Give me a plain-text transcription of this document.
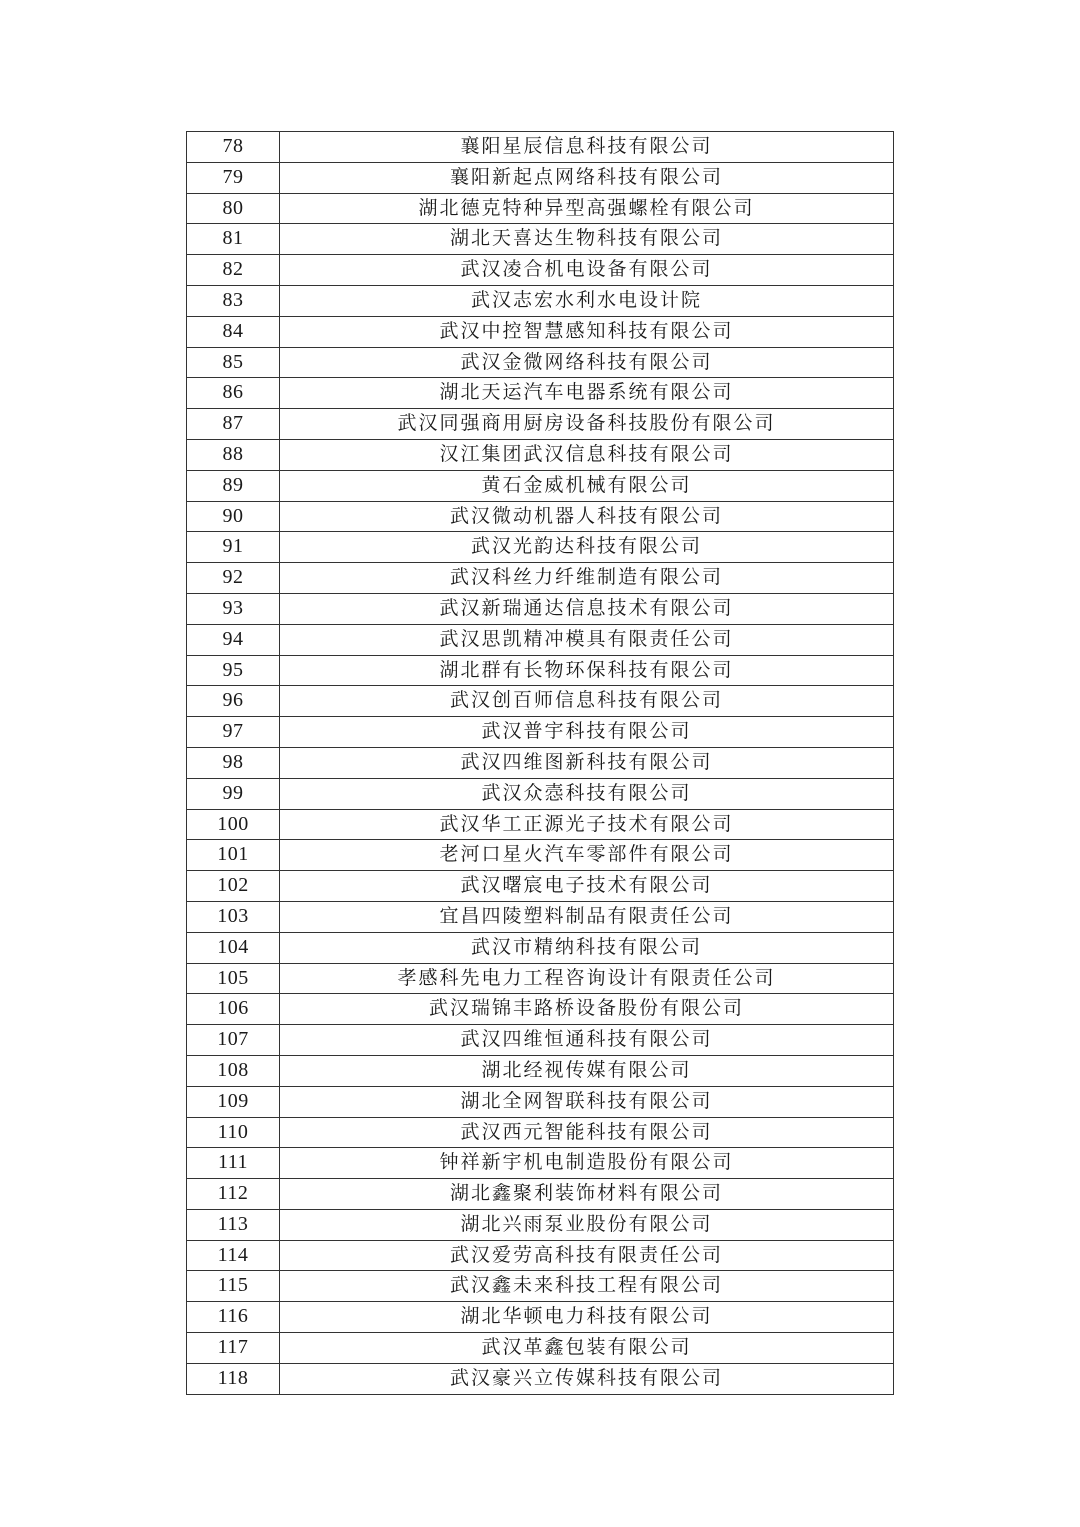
78	襄阳星辰信息科技有限公司
79	襄阳新起点网络科技有限公司
80	湖北德克特种异型高强螺栓有限公司
81	湖北天喜达生物科技有限公司
82	武汉凌合机电设备有限公司
83	武汉志宏水利水电设计院
84	武汉中控智慧感知科技有限公司
85	武汉金微网络科技有限公司
86	湖北天运汽车电器系统有限公司
87	武汉同强商用厨房设备科技股份有限公司
88	汉江集团武汉信息科技有限公司
89	黄石金威机械有限公司
90	武汉微动机器人科技有限公司
91	武汉光韵达科技有限公司
92	武汉科丝力纤维制造有限公司
93	武汉新瑞通达信息技术有限公司
94	武汉思凯精冲模具有限责任公司
95	湖北群有长物环保科技有限公司
96	武汉创百师信息科技有限公司
97	武汉普宇科技有限公司
98	武汉四维图新科技有限公司
99	武汉众悫科技有限公司
100	武汉华工正源光子技术有限公司
101	老河口星火汽车零部件有限公司
102	武汉曙宸电子技术有限公司
103	宜昌四陵塑料制品有限责任公司
104	武汉市精纳科技有限公司
105	孝感科先电力工程咨询设计有限责任公司
106	武汉瑞锦丰路桥设备股份有限公司
107	武汉四维恒通科技有限公司
108	湖北经视传媒有限公司
109	湖北全网智联科技有限公司
110	武汉西元智能科技有限公司
111	钟祥新宇机电制造股份有限公司
112	湖北鑫聚利装饰材料有限公司
113	湖北兴雨泵业股份有限公司
114	武汉爱劳高科技有限责任公司
115	武汉鑫未来科技工程有限公司
116	湖北华顿电力科技有限公司
117	武汉革鑫包装有限公司
118	武汉豪兴立传媒科技有限公司
